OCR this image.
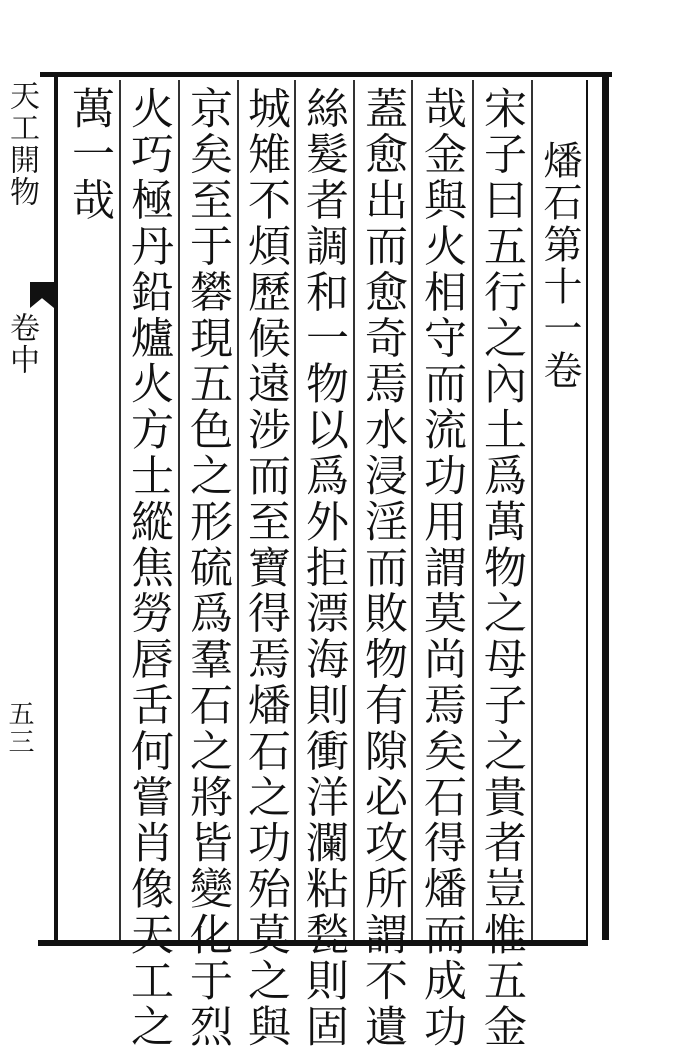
天工開物
卷中
五三
燔石第十一卷
宋子曰五行之內土爲萬物之母子之貴者豈惟五金
哉金與火相守而流功用謂莫尚焉矣石得燔而成功
蓋愈出而愈奇焉水浸淫而敗物有隙必攻所謂不遺
絲髮者調和一物以爲外拒漂海則衝洋瀾粘甃則固
城雉不煩歷候遠涉而至寶得焉燔石之功殆莫之與
京矣至于礬現五色之形硫爲羣石之將皆變化于烈
火巧極丹鉛爐火方士縱焦勞唇舌何嘗肖像天工之
萬一哉
